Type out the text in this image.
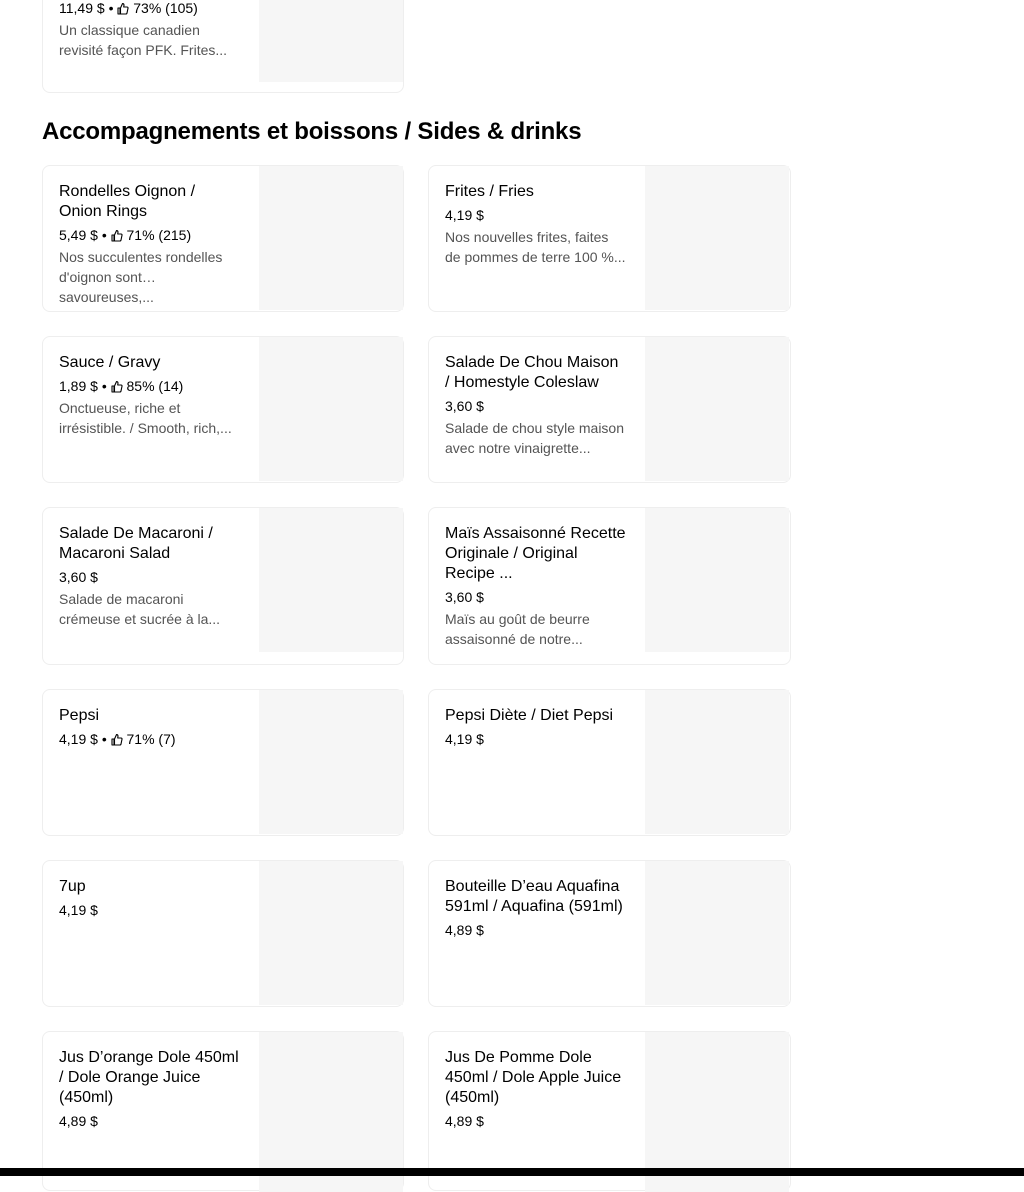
Accompagnements et boissons / Sides & drinks
11,49 $ • 73% (105)
Un classique canadien revisité façon PFK. Frites...
Rondelles Oignon / Onion Rings
5,49 $ • 71% (215)
Nos succulentes rondelles d'oignon sont savoureuses,...
Frites / Fries
4,19 $
Nos nouvelles frites, faites de pommes de terre 100 %...
Sauce / Gravy
1,89 $ • 85% (14)
Onctueuse, riche et irrésistible. / Smooth, rich,...
Salade De Chou Maison / Homestyle Coleslaw
3,60 $
Salade de chou style maison avec notre vinaigrette...
Salade De Macaroni / Macaroni Salad
3,60 $
Salade de macaroni crémeuse et sucrée à la...
Maïs Assaisonné Recette Originale / Original Recipe ...
3,60 $
Maïs au goût de beurre assaisonné de notre...
Pepsi
4,19 $ • 71% (7)
Pepsi Diète / Diet Pepsi
4,19 $
7up
4,19 $
Bouteille D’eau Aquafina 591ml / Aquafina (591ml)
4,89 $
Jus D’orange Dole 450ml / Dole Orange Juice (450ml)
4,89 $
Jus De Pomme Dole 450ml / Dole Apple Juice (450ml)
4,89 $
